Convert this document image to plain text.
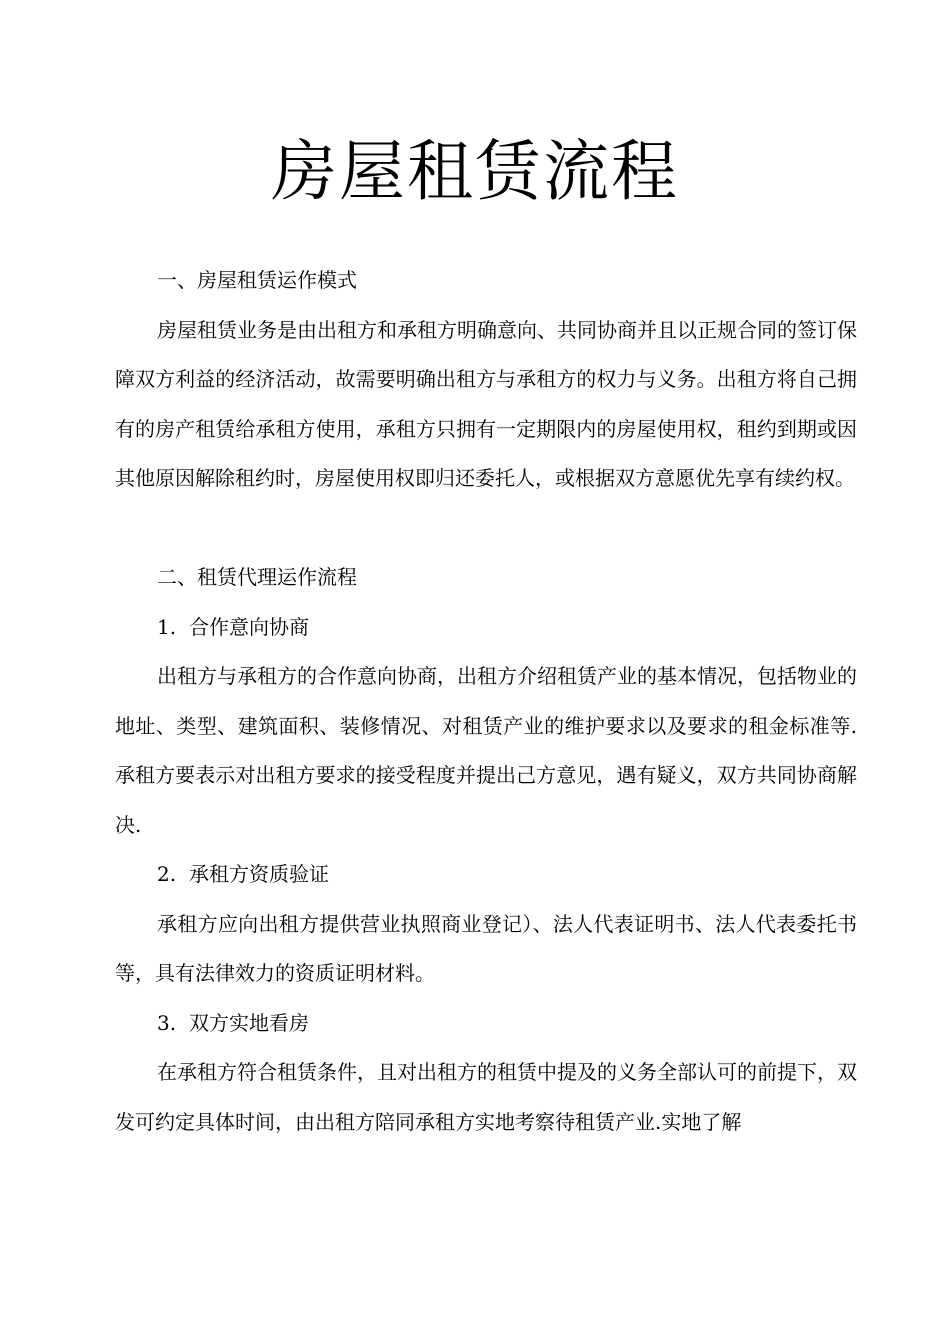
房屋租赁流程
一、房屋租赁运作模式

房屋租赁业务是由出租方和承租方明确意向、共同协商并且以正规合同的签订保障双方利益的经济活动，故需要明确出租方与承租方的权力与义务。出租方将自己拥有的房产租赁给承租方使用，承租方只拥有一定期限内的房屋使用权，租约到期或因其他原因解除租约时，房屋使用权即归还委托人，或根据双方意愿优先享有续约权。

二、租赁代理运作流程
1. 合作意向协商

出租方与承租方的合作意向协商，出租方介绍租赁产业的基本情况，包括物业的地址、类型、建筑面积、装修情况、对租赁产业的维护要求以及要求的租金标准等.承租方要表示对出租方要求的接受程度并提出己方意见，遇有疑义，双方共同协商解决.

2. 承租方资质验证

承租方应向出租方提供营业执照商业登记）、法人代表证明书、法人代表委托书等，具有法律效力的资质证明材料。

3. 双方实地看房

在承租方符合租赁条件，且对出租方的租赁中提及的义务全部认可的前提下，双发可约定具体时间，由出租方陪同承租方实地考察待租赁产业.实地了解
